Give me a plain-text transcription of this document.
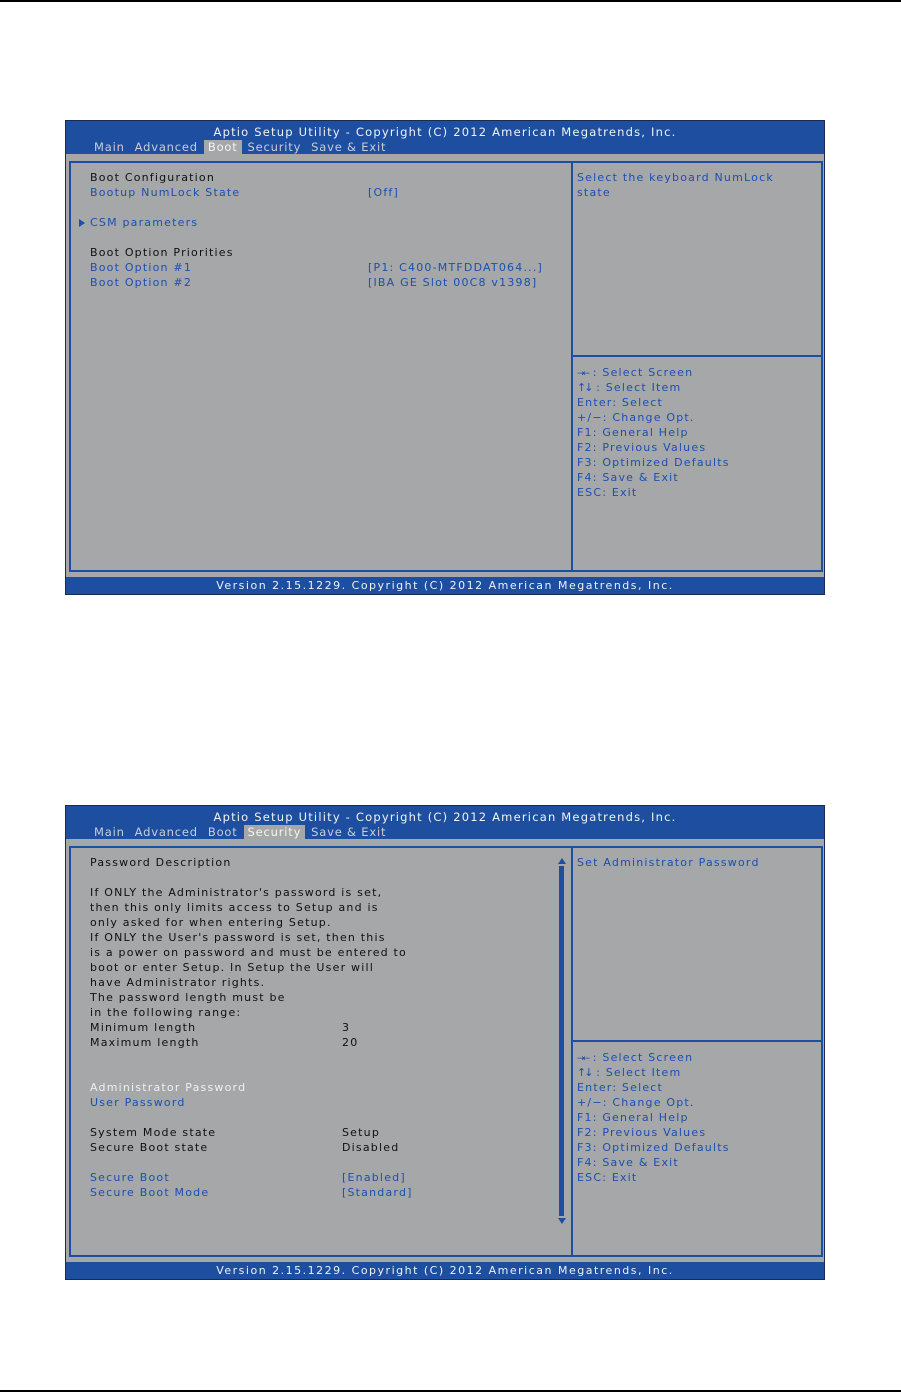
Aptio Setup Utility - Copyright (C) 2012 American Megatrends, Inc.
Main Advanced Boot Security Save & Exit
Boot Configuration
Bootup NumLock State	[Off]
CSM parameters
Boot Option Priorities
Boot Option #1	[P1: C400-MTFDDAT064...]
Boot Option #2	[IBA GE Slot 00C8 v1398]
Select the keyboard NumLock
state
→← : Select Screen
↑↓ : Select Item
Enter: Select
+/−: Change Opt.
F1: General Help
F2: Previous Values
F3: Optimized Defaults
F4: Save & Exit
ESC: Exit
Version 2.15.1229. Copyright (C) 2012 American Megatrends, Inc.
Aptio Setup Utility - Copyright (C) 2012 American Megatrends, Inc.
Main Advanced Boot Security Save & Exit
Password Description
If ONLY the Administrator's password is set,
then this only limits access to Setup and is
only asked for when entering Setup.
If ONLY the User's password is set, then this
is a power on password and must be entered to
boot or enter Setup. In Setup the User will
have Administrator rights.
The password length must be
in the following range:
Minimum length	3
Maximum length	20
Administrator Password
User Password
System Mode state	Setup
Secure Boot state	Disabled
Secure Boot	[Enabled]
Secure Boot Mode	[Standard]
Set Administrator Password
→← : Select Screen
↑↓ : Select Item
Enter: Select
+/−: Change Opt.
F1: General Help
F2: Previous Values
F3: Optimized Defaults
F4: Save & Exit
ESC: Exit
Version 2.15.1229. Copyright (C) 2012 American Megatrends, Inc.
